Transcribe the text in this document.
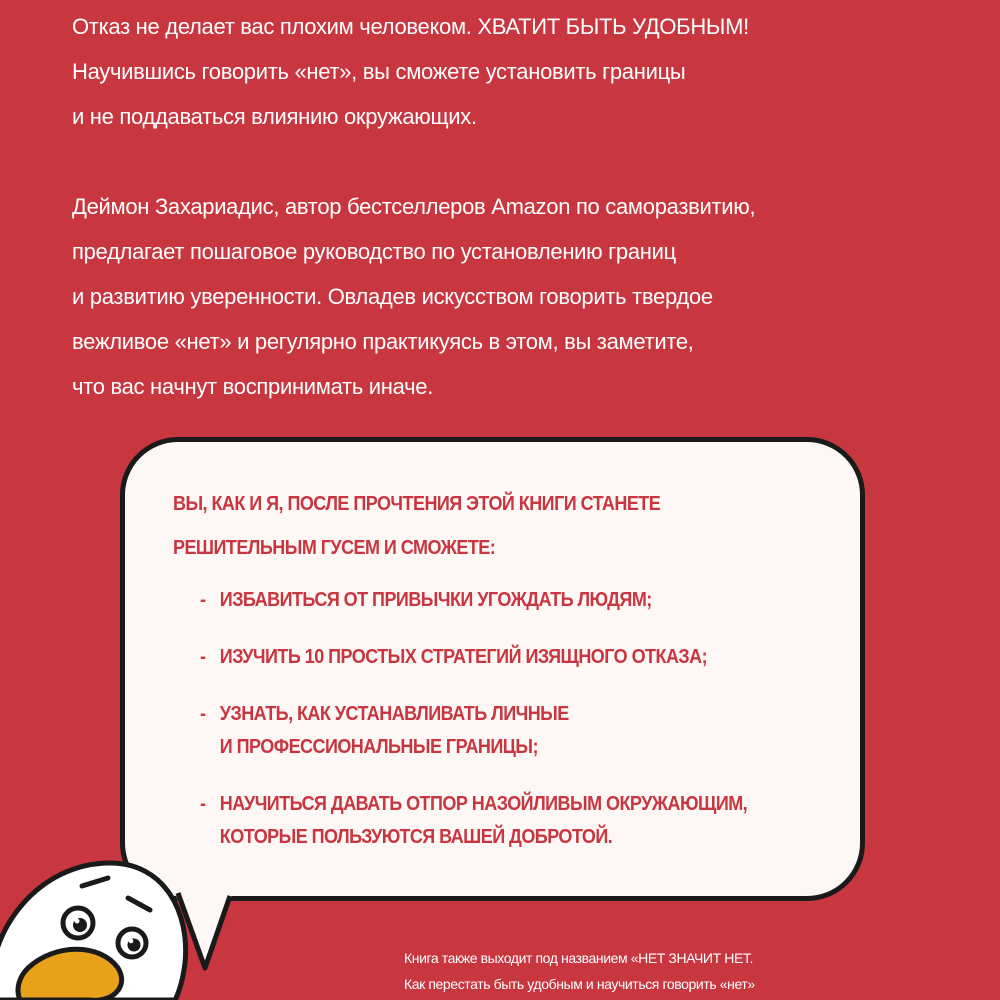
Отказ не делает вас плохим человеком. ХВАТИТ БЫТЬ УДОБНЫМ!
Научившись говорить «нет», вы сможете установить границы
и не поддаваться влиянию окружающих.

Деймон Захариадис, автор бестселлеров Amazon по саморазвитию,
предлагает пошаговое руководство по установлению границ
и развитию уверенности. Овладев искусством говорить твердое
вежливое «нет» и регулярно практикуясь в этом, вы заметите,
что вас начнут воспринимать иначе.

ВЫ, КАК И Я, ПОСЛЕ ПРОЧТЕНИЯ ЭТОЙ КНИГИ СТАНЕТЕ
РЕШИТЕЛЬНЫМ ГУСЕМ И СМОЖЕТЕ:

- ИЗБАВИТЬСЯ ОТ ПРИВЫЧКИ УГОЖДАТЬ ЛЮДЯМ;
- ИЗУЧИТЬ 10 ПРОСТЫХ СТРАТЕГИЙ ИЗЯЩНОГО ОТКАЗА;
- УЗНАТЬ, КАК УСТАНАВЛИВАТЬ ЛИЧНЫЕ
И ПРОФЕССИОНАЛЬНЫЕ ГРАНИЦЫ;
- НАУЧИТЬСЯ ДАВАТЬ ОТПОР НАЗОЙЛИВЫМ ОКРУЖАЮЩИМ,
КОТОРЫЕ ПОЛЬЗУЮТСЯ ВАШЕЙ ДОБРОТОЙ.
Книга также выходит под названием «НЕТ ЗНАЧИТ НЕТ.
Как перестать быть удобным и научиться говорить «нет»
